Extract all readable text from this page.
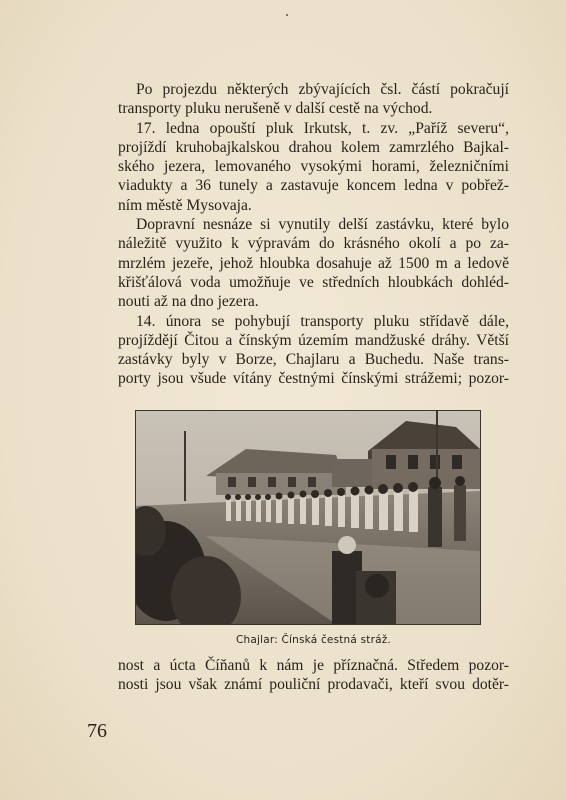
Po projezdu některých zbývajících čsl. částí pokračují
transporty pluku nerušeně v další cestě na východ.
17. ledna opouští pluk Irkutsk, t. zv. „Paříž severu“,
projíždí kruhobajkalskou drahou kolem zamrzlého Bajkal-
ského jezera, lemovaného vysokými horami, železničními
viadukty a 36 tunely a zastavuje koncem ledna v pobřež-
ním městě Mysovaja.
Dopravní nesnáze si vynutily delší zastávku, které bylo
náležitě využito k výpravám do krásného okolí a po za-
mrzlém jezeře, jehož hloubka dosahuje až 1500 m a ledově
křišťálová voda umožňuje ve středních hloubkách dohléd-
nouti až na dno jezera.
14. února se pohybují transporty pluku střídavě dále,
projíždějí Čitou a čínským územím mandžuské dráhy. Větší
zastávky byly v Borze, Chajlaru a Buchedu. Naše trans-
porty jsou všude vítány čestnými čínskými strážemi; pozor-
Chajlar: Čínská čestná stráž.
nost a úcta Číňanů k nám je příznačná. Středem pozor-
nosti jsou však známí pouliční prodavači, kteří svou dotěr-
76
